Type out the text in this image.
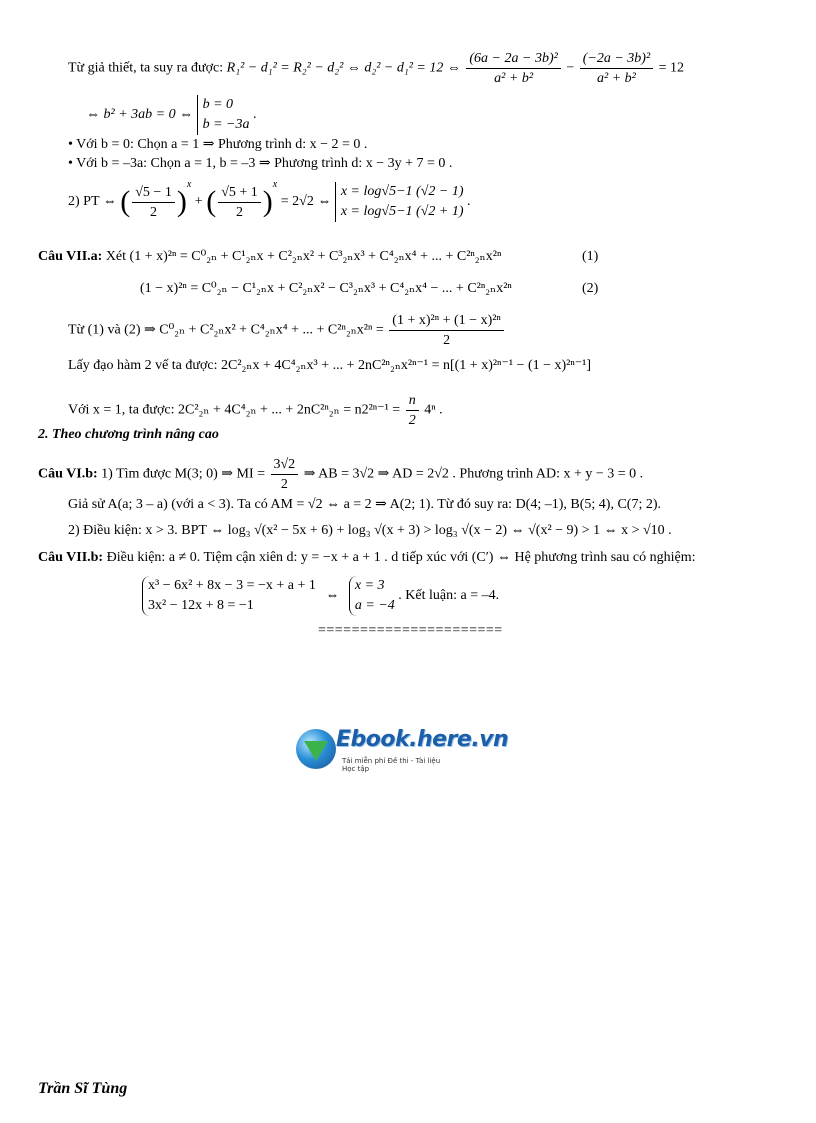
Từ giả thiết, ta suy ra được: R₁² − d₁² = R₂² − d₂² ⇔ d₂² − d₁² = 12 ⇔ $\frac{\text{(6a − 2a − 3b)²}}{\text{a² + b²}} - \frac{\text{(−2a − 3b)²}}{\text{a² + b²}} = 12$
⇔ b² + 3ab = 0 ⇔
b = 0
b = −3a
.
• Với b = 0: Chọn a = 1 ⇒ Phương trình d: x − 2 = 0 .
• Với b = –3a: Chọn a = 1, b = –3 ⇒ Phương trình d: x − 3y + 7 = 0 .
2) PT ⇔ ( $\frac{√5 - 1}{2} )^x$ + ( $\frac{√5 + 1}{2} )^x = 2√2$ ⇔
x = log√5−1 (√2 − 1)
x = log√5−1 (√2 + 1)
.
Câu VII.a: Xét (1 + x)²ⁿ = C⁰₂ₙ + C¹₂ₙx + C²₂ₙx² + C³₂ₙx³ + C⁴₂ₙx⁴ + ... + C²ⁿ₂ₙx²ⁿ	(1)
(1 − x)²ⁿ = C⁰₂ₙ − C¹₂ₙx + C²₂ₙx² − C³₂ₙx³ + C⁴₂ₙx⁴ − ... + C²ⁿ₂ₙx²ⁿ	(2)
Từ (1) và (2) ⇒ C⁰₂ₙ + C²₂ₙx² + C⁴₂ₙx⁴ + ... + $C^{2n}_{2n}x^{2n} = \frac{\text{(1 + x)²ⁿ + (1 − x)²ⁿ}}{2}$
Lấy đạo hàm 2 vế ta được: 2C²₂ₙx + 4C⁴₂ₙx³ + ... + 2nC²ⁿ₂ₙx²ⁿ⁻¹ = n[(1 + x)²ⁿ⁻¹ − (1 − x)²ⁿ⁻¹]
Với x = 1, ta được: 2C²₂ₙ + 4C⁴₂ₙ + ... + $2nC^{2n}_{2n} = n2^{2n-1} = \frac{n}{2} 4^n$ .
2. Theo chương trình nâng cao
Câu VI.b: 1) Tìm được M(3; 0) ⇒ MI = $\frac{3√2}{2}$ ⇒ AB = 3√2 ⇒ AD = 2√2 . Phương trình AD: x + y − 3 = 0 .
Giả sử A(a; 3 – a) (với a < 3). Ta có AM = √2 ⇔ a = 2 ⇒ A(2; 1). Từ đó suy ra: D(4; –1), B(5; 4), C(7; 2).
2) Điều kiện: x > 3. BPT ⇔ log₃ √(x² − 5x + 6) + log₃ √(x + 3) > log₃ √(x − 2) ⇔ √(x² − 9) > 1 ⇔ x > √10 .
Câu VII.b: Điều kiện: a ≠ 0. Tiệm cận xiên d: y = −x + a + 1 . d tiếp xúc với (C′) ⇔ Hệ phương trình sau có nghiệm:
x³ − 6x² + 8x − 3 = −x + a + 1
3x² − 12x + 8 = −1
⇔
x = 3
a = −4
. Kết luận: a = –4.
======================
Ebook.here.vn
Tải miễn phí Đề thi - Tài liệu Học tập
Trần Sĩ Tùng
